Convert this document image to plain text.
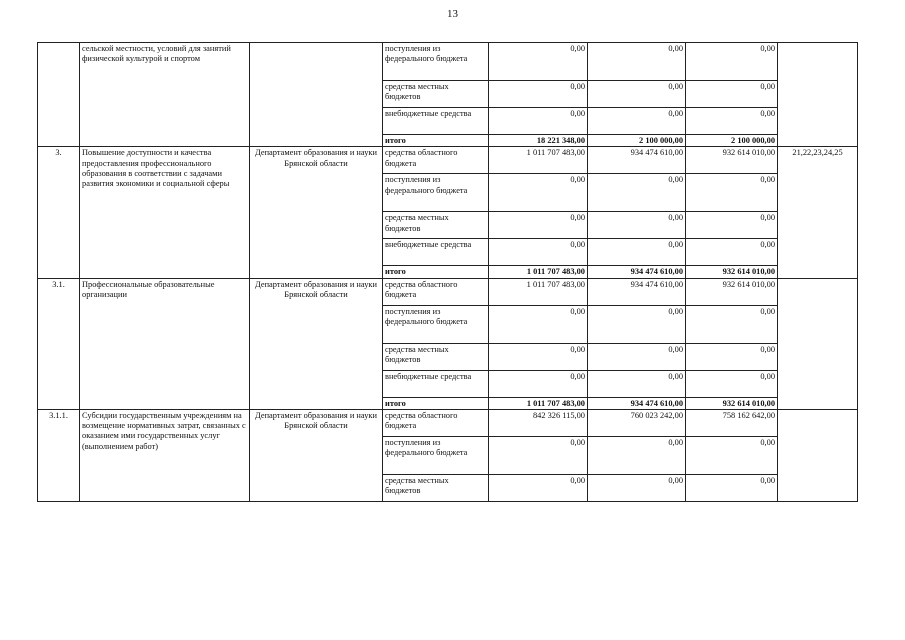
13
	сельской местности, условий для занятий физической культурой и спортом		поступления из федерального бюджета	0,00	0,00	0,00	
			средства местных бюджетов	0,00	0,00	0,00	
			внебюджетные средства	0,00	0,00	0,00	
			итого	18 221 348,00	2 100 000,00	2 100 000,00	
3.	Повышение доступности и качества предоставления профессионального образования в соответствии с задачами развития экономики и социальной сферы	Департамент образования и науки Брянской области	средства областного бюджета	1 011 707 483,00	934 474 610,00	932 614 010,00	21,22,23,24,25
			поступления из федерального бюджета	0,00	0,00	0,00	
			средства местных бюджетов	0,00	0,00	0,00	
			внебюджетные средства	0,00	0,00	0,00	
			итого	1 011 707 483,00	934 474 610,00	932 614 010,00	
3.1.	Профессиональные образовательные организации	Департамент образования и науки Брянской области	средства областного бюджета	1 011 707 483,00	934 474 610,00	932 614 010,00	
			поступления из федерального бюджета	0,00	0,00	0,00	
			средства местных бюджетов	0,00	0,00	0,00	
			внебюджетные средства	0,00	0,00	0,00	
			итого	1 011 707 483,00	934 474 610,00	932 614 010,00	
3.1.1.	Субсидии государственным учреждениям на возмещение нормативных затрат, связанных с оказанием ими государственных услуг (выполнением работ)	Департамент образования и науки Брянской области	средства областного бюджета	842 326 115,00	760 023 242,00	758 162 642,00	
			поступления из федерального бюджета	0,00	0,00	0,00	
			средства местных бюджетов	0,00	0,00	0,00	
